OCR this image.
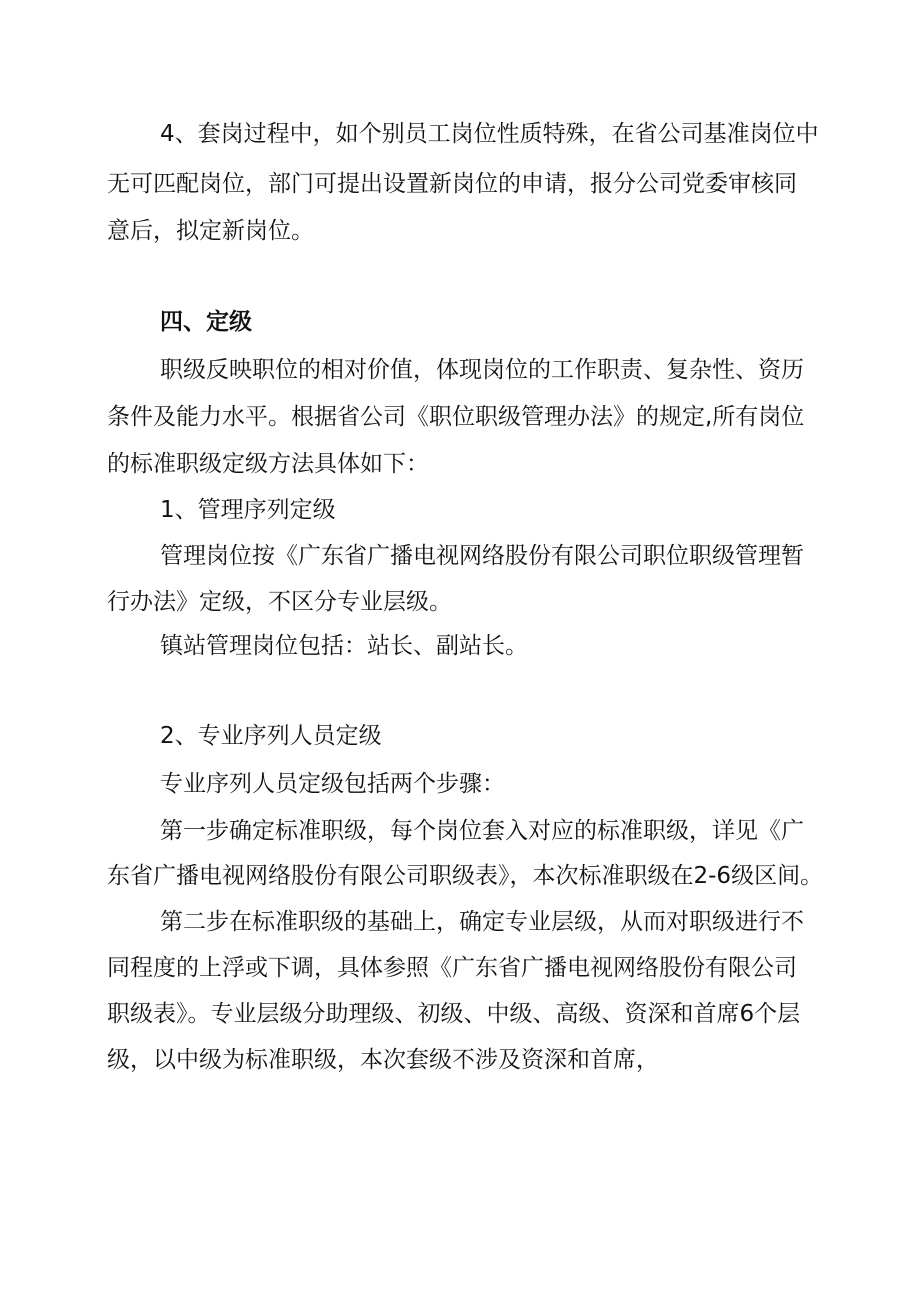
4、套岗过程中，如个别员工岗位性质特殊，在省公司基准岗位中
无可匹配岗位，部门可提出设置新岗位的申请，报分公司党委审核同
意后，拟定新岗位。
四、定级
职级反映职位的相对价值，体现岗位的工作职责、复杂性、资历
条件及能力水平。根据省公司《职位职级管理办法》的规定,所有岗位
的标准职级定级方法具体如下：
1、管理序列定级
管理岗位按《广东省广播电视网络股份有限公司职位职级管理暂
行办法》定级，不区分专业层级。
镇站管理岗位包括：站长、副站长。
2、专业序列人员定级
专业序列人员定级包括两个步骤：
第一步确定标准职级，每个岗位套入对应的标准职级，详见《广
东省广播电视网络股份有限公司职级表》，本次标准职级在2-6级区间。
第二步在标准职级的基础上，确定专业层级，从而对职级进行不
同程度的上浮或下调，具体参照《广东省广播电视网络股份有限公司
职级表》。专业层级分助理级、初级、中级、高级、资深和首席6个层
级，以中级为标准职级，本次套级不涉及资深和首席，
